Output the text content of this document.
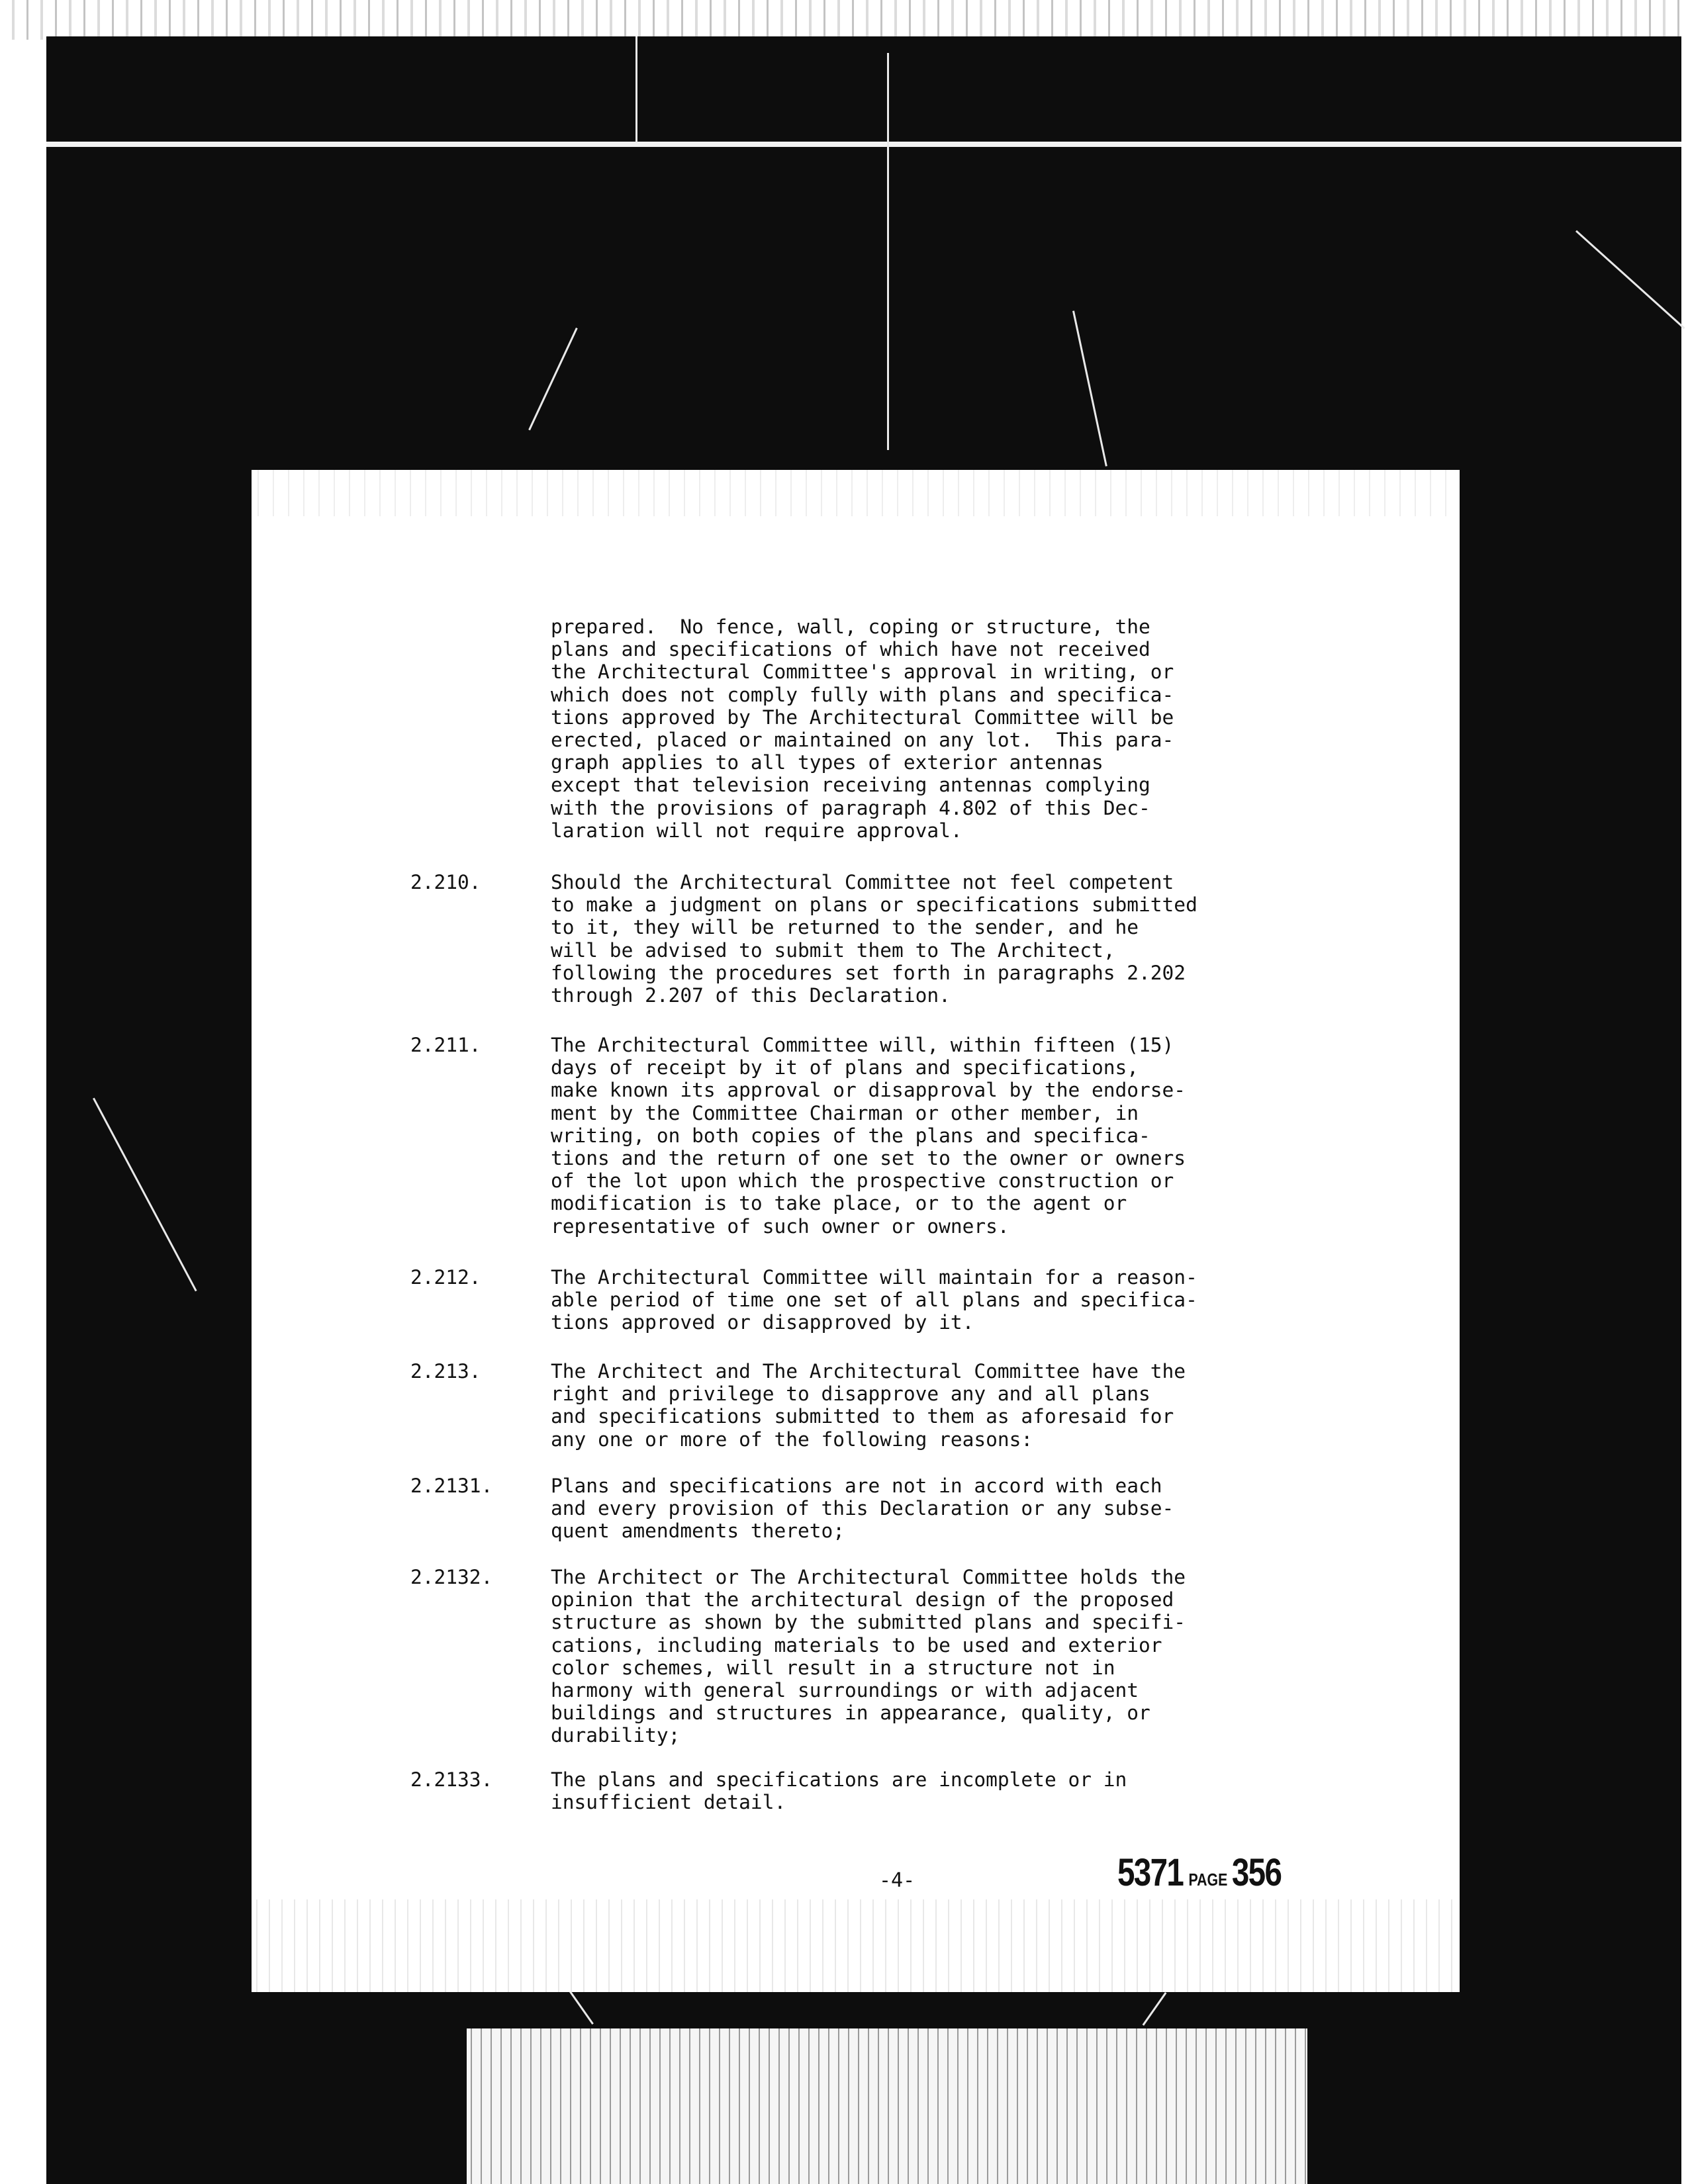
prepared.  No fence, wall, coping or structure, the
plans and specifications of which have not received
the Architectural Committee's approval in writing, or
which does not comply fully with plans and specifica-
tions approved by The Architectural Committee will be
erected, placed or maintained on any lot.  This para-
graph applies to all types of exterior antennas
except that television receiving antennas complying
with the provisions of paragraph 4.802 of this Dec-
laration will not require approval.
2.210.	Should the Architectural Committee not feel competent
to make a judgment on plans or specifications submitted
to it, they will be returned to the sender, and he
will be advised to submit them to The Architect,
following the procedures set forth in paragraphs 2.202
through 2.207 of this Declaration.
2.211.	The Architectural Committee will, within fifteen (15)
days of receipt by it of plans and specifications,
make known its approval or disapproval by the endorse-
ment by the Committee Chairman or other member, in
writing, on both copies of the plans and specifica-
tions and the return of one set to the owner or owners
of the lot upon which the prospective construction or
modification is to take place, or to the agent or
representative of such owner or owners.
2.212.	The Architectural Committee will maintain for a reason-
able period of time one set of all plans and specifica-
tions approved or disapproved by it.
2.213.	The Architect and The Architectural Committee have the
right and privilege to disapprove any and all plans
and specifications submitted to them as aforesaid for
any one or more of the following reasons:
2.2131.	Plans and specifications are not in accord with each
and every provision of this Declaration or any subse-
quent amendments thereto;
2.2132.	The Architect or The Architectural Committee holds the
opinion that the architectural design of the proposed
structure as shown by the submitted plans and specifi-
cations, including materials to be used and exterior
color schemes, will result in a structure not in
harmony with general surroundings or with adjacent
buildings and structures in appearance, quality, or
durability;
2.2133.	The plans and specifications are incomplete or in
insufficient detail.
-4-	5371 PAGE 356
